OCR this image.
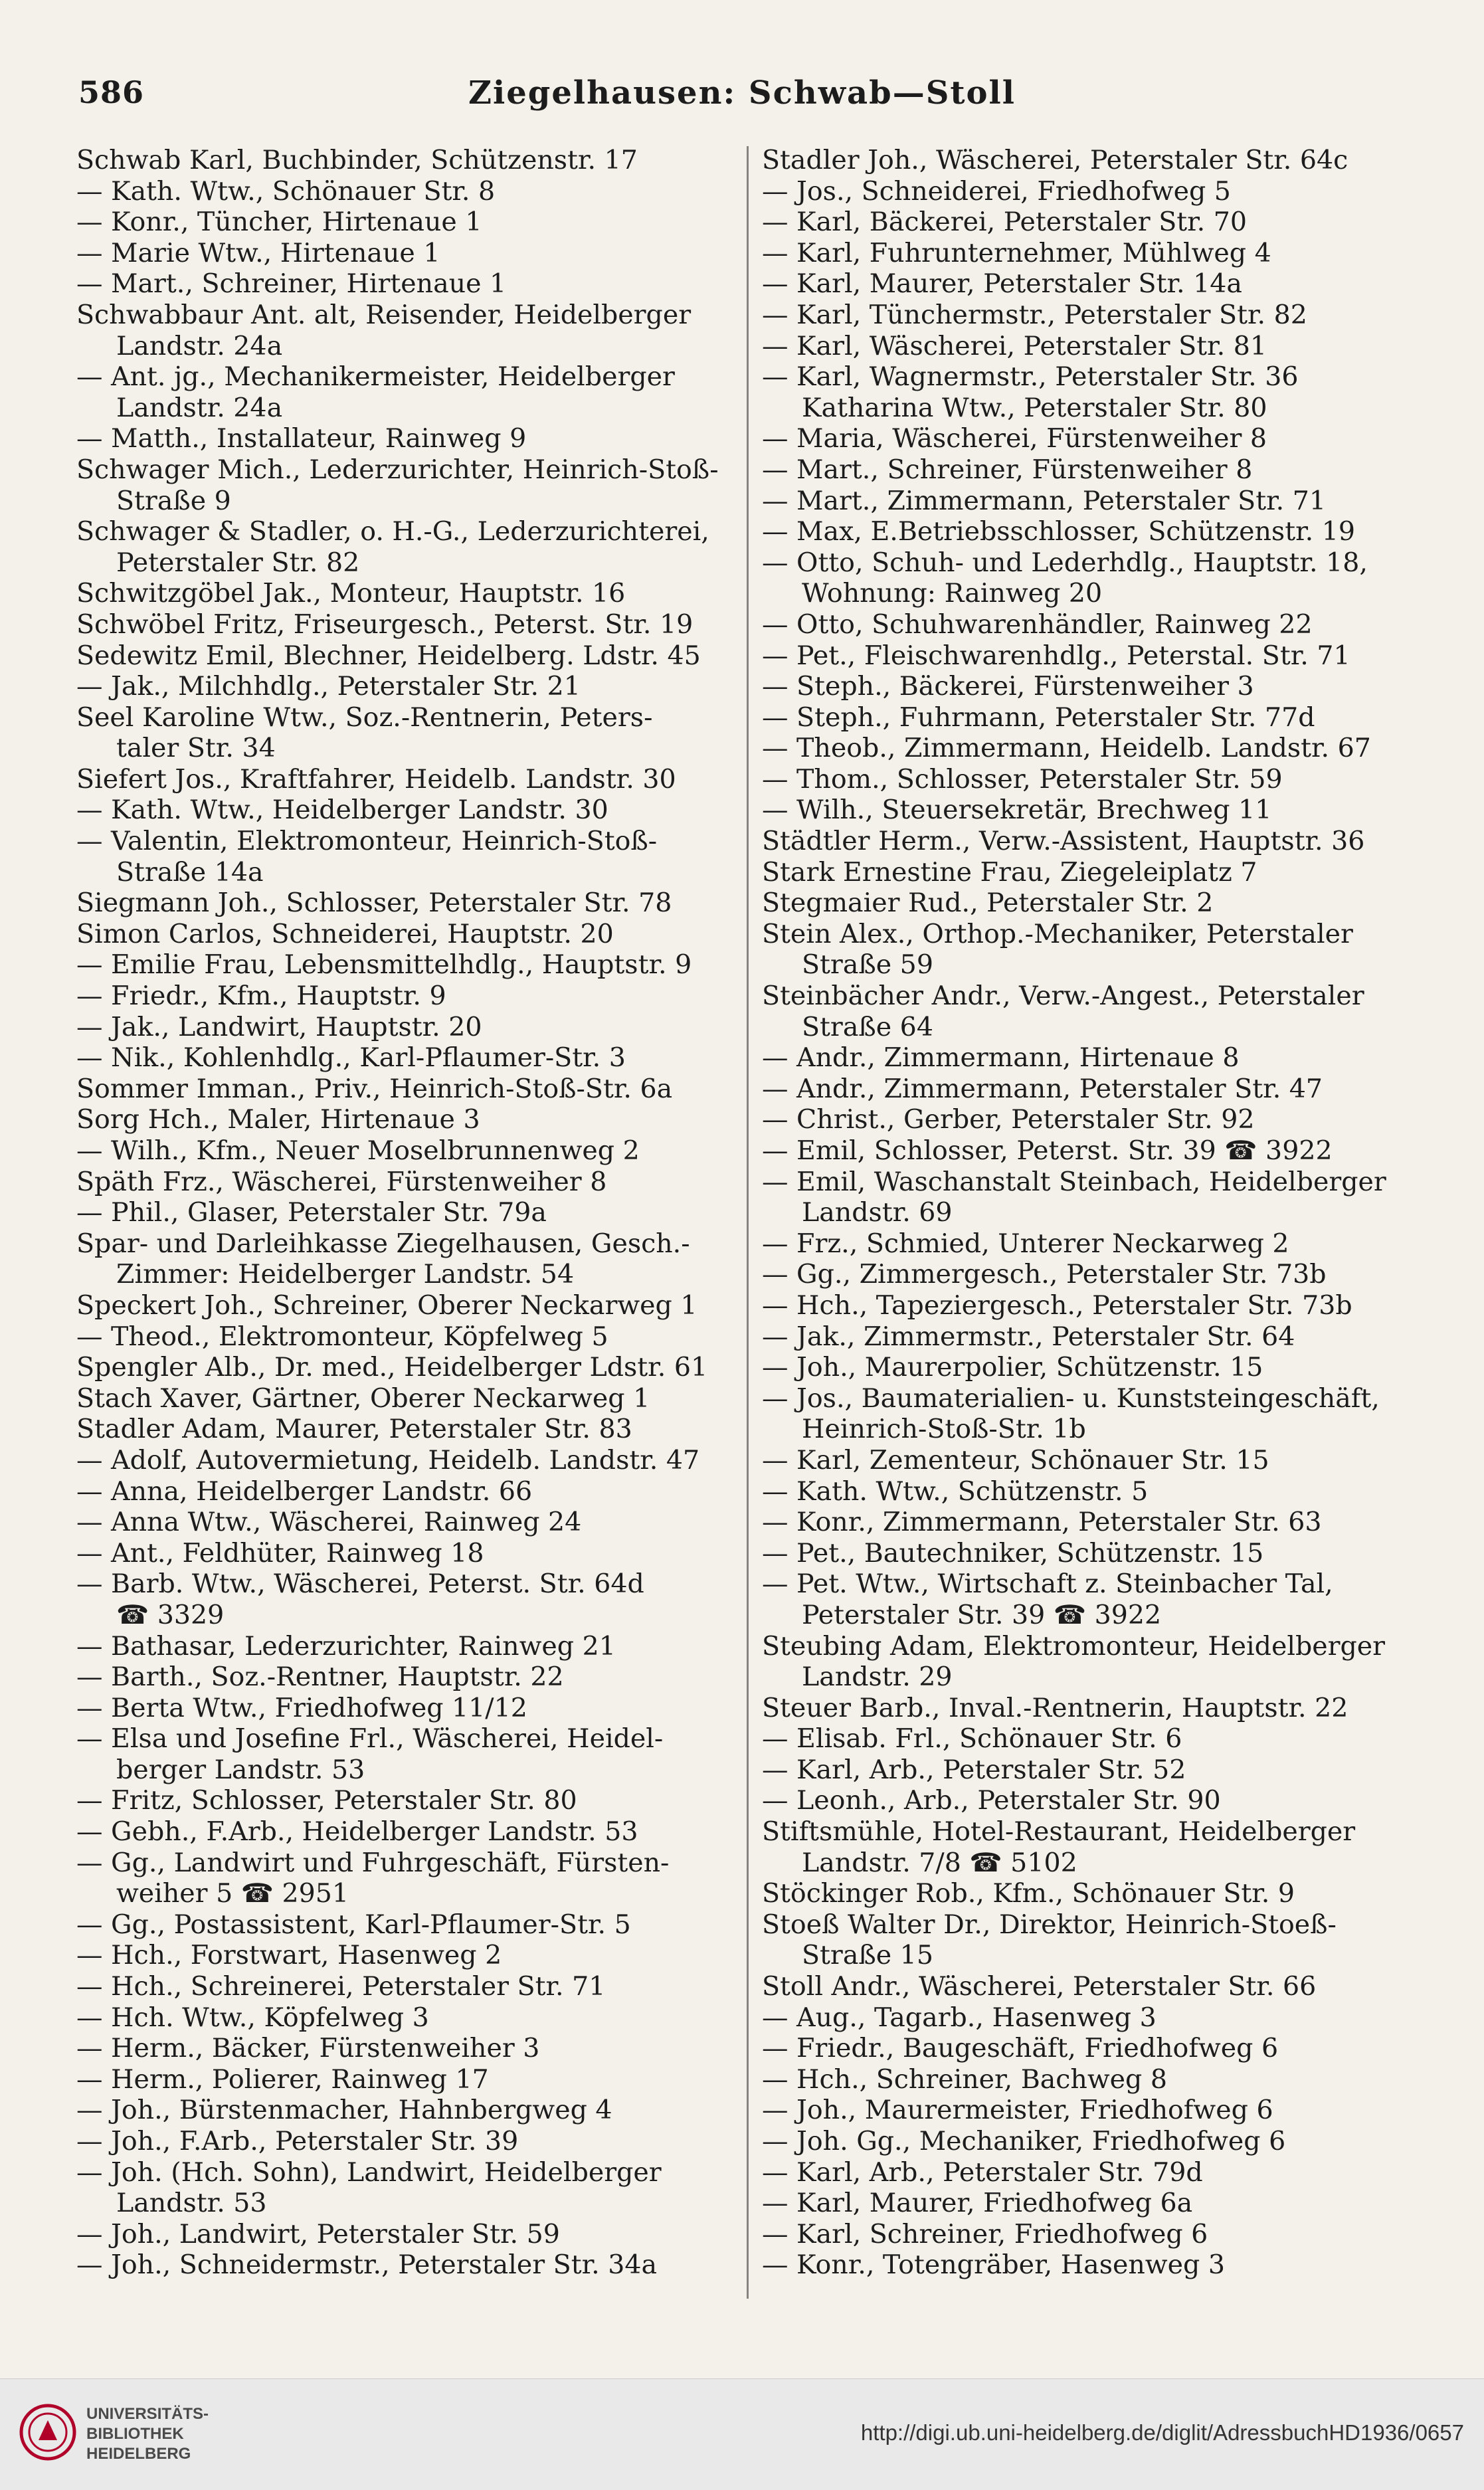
586	Ziegelhausen: Schwab—Stoll
Schwab Karl, Buchbinder, Schützenstr. 17
— Kath. Wtw., Schönauer Str. 8
— Konr., Tüncher, Hirtenaue 1
— Marie Wtw., Hirtenaue 1
— Mart., Schreiner, Hirtenaue 1
Schwabbaur Ant. alt, Reisender, Heidelberger
Landstr. 24a
— Ant. jg., Mechanikermeister, Heidelberger
Landstr. 24a
— Matth., Installateur, Rainweg 9
Schwager Mich., Lederzurichter, Heinrich-Stoß-
Straße 9
Schwager & Stadler, o. H.-G., Lederzurichterei,
Peterstaler Str. 82
Schwitzgöbel Jak., Monteur, Hauptstr. 16
Schwöbel Fritz, Friseurgesch., Peterst. Str. 19
Sedewitz Emil, Blechner, Heidelberg. Ldstr. 45
— Jak., Milchhdlg., Peterstaler Str. 21
Seel Karoline Wtw., Soz.-Rentnerin, Peters-
taler Str. 34
Siefert Jos., Kraftfahrer, Heidelb. Landstr. 30
— Kath. Wtw., Heidelberger Landstr. 30
— Valentin, Elektromonteur, Heinrich-Stoß-
Straße 14a
Siegmann Joh., Schlosser, Peterstaler Str. 78
Simon Carlos, Schneiderei, Hauptstr. 20
— Emilie Frau, Lebensmittelhdlg., Hauptstr. 9
— Friedr., Kfm., Hauptstr. 9
— Jak., Landwirt, Hauptstr. 20
— Nik., Kohlenhdlg., Karl-Pflaumer-Str. 3
Sommer Imman., Priv., Heinrich-Stoß-Str. 6a
Sorg Hch., Maler, Hirtenaue 3
— Wilh., Kfm., Neuer Moselbrunnenweg 2
Späth Frz., Wäscherei, Fürstenweiher 8
— Phil., Glaser, Peterstaler Str. 79a
Spar- und Darleihkasse Ziegelhausen, Gesch.-
Zimmer: Heidelberger Landstr. 54
Speckert Joh., Schreiner, Oberer Neckarweg 1
— Theod., Elektromonteur, Köpfelweg 5
Spengler Alb., Dr. med., Heidelberger Ldstr. 61
Stach Xaver, Gärtner, Oberer Neckarweg 1
Stadler Adam, Maurer, Peterstaler Str. 83
— Adolf, Autovermietung, Heidelb. Landstr. 47
— Anna, Heidelberger Landstr. 66
— Anna Wtw., Wäscherei, Rainweg 24
— Ant., Feldhüter, Rainweg 18
— Barb. Wtw., Wäscherei, Peterst. Str. 64d
☎ 3329
— Bathasar, Lederzurichter, Rainweg 21
— Barth., Soz.-Rentner, Hauptstr. 22
— Berta Wtw., Friedhofweg 11/12
— Elsa und Josefine Frl., Wäscherei, Heidel-
berger Landstr. 53
— Fritz, Schlosser, Peterstaler Str. 80
— Gebh., F.Arb., Heidelberger Landstr. 53
— Gg., Landwirt und Fuhrgeschäft, Fürsten-
weiher 5 ☎ 2951
— Gg., Postassistent, Karl-Pflaumer-Str. 5
— Hch., Forstwart, Hasenweg 2
— Hch., Schreinerei, Peterstaler Str. 71
— Hch. Wtw., Köpfelweg 3
— Herm., Bäcker, Fürstenweiher 3
— Herm., Polierer, Rainweg 17
— Joh., Bürstenmacher, Hahnbergweg 4
— Joh., F.Arb., Peterstaler Str. 39
— Joh. (Hch. Sohn), Landwirt, Heidelberger
Landstr. 53
— Joh., Landwirt, Peterstaler Str. 59
— Joh., Schneidermstr., Peterstaler Str. 34a
Stadler Joh., Wäscherei, Peterstaler Str. 64c
— Jos., Schneiderei, Friedhofweg 5
— Karl, Bäckerei, Peterstaler Str. 70
— Karl, Fuhrunternehmer, Mühlweg 4
— Karl, Maurer, Peterstaler Str. 14a
— Karl, Tünchermstr., Peterstaler Str. 82
— Karl, Wäscherei, Peterstaler Str. 81
— Karl, Wagnermstr., Peterstaler Str. 36
Katharina Wtw., Peterstaler Str. 80
— Maria, Wäscherei, Fürstenweiher 8
— Mart., Schreiner, Fürstenweiher 8
— Mart., Zimmermann, Peterstaler Str. 71
— Max, E.Betriebsschlosser, Schützenstr. 19
— Otto, Schuh- und Lederhdlg., Hauptstr. 18,
Wohnung: Rainweg 20
— Otto, Schuhwarenhändler, Rainweg 22
— Pet., Fleischwarenhdlg., Peterstal. Str. 71
— Steph., Bäckerei, Fürstenweiher 3
— Steph., Fuhrmann, Peterstaler Str. 77d
— Theob., Zimmermann, Heidelb. Landstr. 67
— Thom., Schlosser, Peterstaler Str. 59
— Wilh., Steuersekretär, Brechweg 11
Städtler Herm., Verw.-Assistent, Hauptstr. 36
Stark Ernestine Frau, Ziegeleiplatz 7
Stegmaier Rud., Peterstaler Str. 2
Stein Alex., Orthop.-Mechaniker, Peterstaler
Straße 59
Steinbächer Andr., Verw.-Angest., Peterstaler
Straße 64
— Andr., Zimmermann, Hirtenaue 8
— Andr., Zimmermann, Peterstaler Str. 47
— Christ., Gerber, Peterstaler Str. 92
— Emil, Schlosser, Peterst. Str. 39 ☎ 3922
— Emil, Waschanstalt Steinbach, Heidelberger
Landstr. 69
— Frz., Schmied, Unterer Neckarweg 2
— Gg., Zimmergesch., Peterstaler Str. 73b
— Hch., Tapeziergesch., Peterstaler Str. 73b
— Jak., Zimmermstr., Peterstaler Str. 64
— Joh., Maurerpolier, Schützenstr. 15
— Jos., Baumaterialien- u. Kunststeingeschäft,
Heinrich-Stoß-Str. 1b
— Karl, Zementeur, Schönauer Str. 15
— Kath. Wtw., Schützenstr. 5
— Konr., Zimmermann, Peterstaler Str. 63
— Pet., Bautechniker, Schützenstr. 15
— Pet. Wtw., Wirtschaft z. Steinbacher Tal,
Peterstaler Str. 39 ☎ 3922
Steubing Adam, Elektromonteur, Heidelberger
Landstr. 29
Steuer Barb., Inval.-Rentnerin, Hauptstr. 22
— Elisab. Frl., Schönauer Str. 6
— Karl, Arb., Peterstaler Str. 52
— Leonh., Arb., Peterstaler Str. 90
Stiftsmühle, Hotel-Restaurant, Heidelberger
Landstr. 7/8 ☎ 5102
Stöckinger Rob., Kfm., Schönauer Str. 9
Stoeß Walter Dr., Direktor, Heinrich-Stoeß-
Straße 15
Stoll Andr., Wäscherei, Peterstaler Str. 66
— Aug., Tagarb., Hasenweg 3
— Friedr., Baugeschäft, Friedhofweg 6
— Hch., Schreiner, Bachweg 8
— Joh., Maurermeister, Friedhofweg 6
— Joh. Gg., Mechaniker, Friedhofweg 6
— Karl, Arb., Peterstaler Str. 79d
— Karl, Maurer, Friedhofweg 6a
— Karl, Schreiner, Friedhofweg 6
— Konr., Totengräber, Hasenweg 3
UNIVERSITÄTS-
BIBLIOTHEK
HEIDELBERG
http://digi.ub.uni-heidelberg.de/diglit/AdressbuchHD1936/0657
